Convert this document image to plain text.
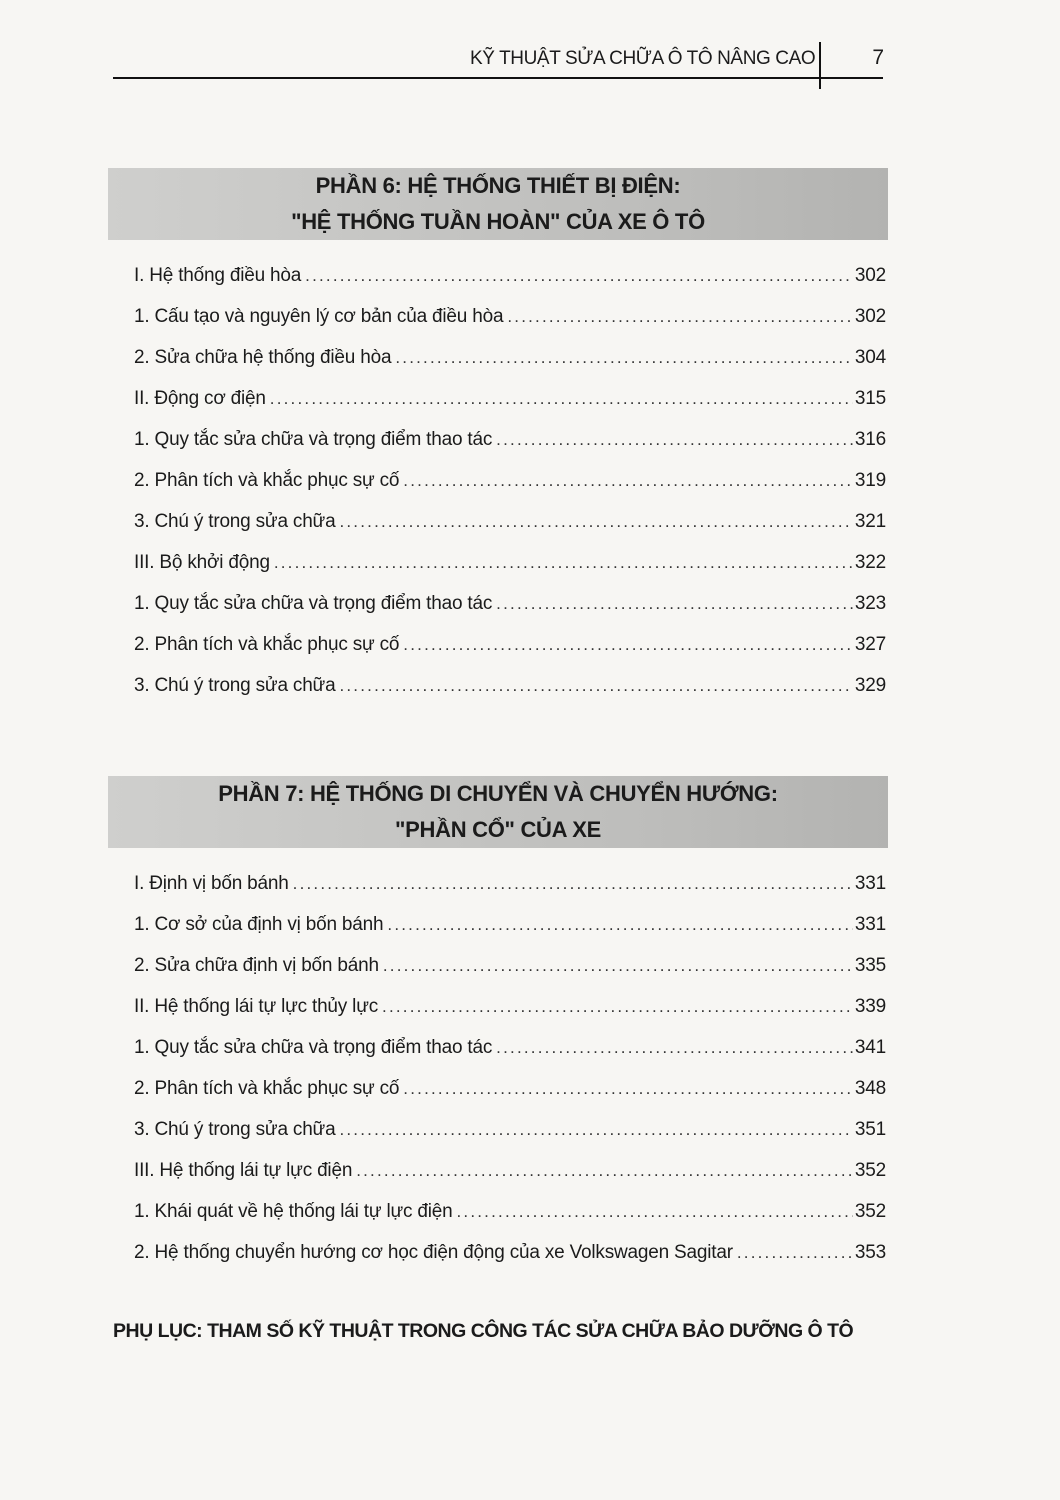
KỸ THUẬT SỬA CHỮA Ô TÔ NÂNG CAO	7
PHẦN 6: HỆ THỐNG THIẾT BỊ ĐIỆN:
"HỆ THỐNG TUẦN HOÀN" CỦA XE Ô TÔ
I. Hệ thống điều hòa .....	302
1. Cấu tạo và nguyên lý cơ bản của điều hòa .....	302
2. Sửa chữa hệ thống điều hòa .....	304
II. Động cơ điện .....	315
1. Quy tắc sửa chữa và trọng điểm thao tác .....	316
2. Phân tích và khắc phục sự cố .....	319
3. Chú ý trong sửa chữa .....	321
III. Bộ khởi động .....	322
1. Quy tắc sửa chữa và trọng điểm thao tác .....	323
2. Phân tích và khắc phục sự cố .....	327
3. Chú ý trong sửa chữa .....	329
PHẦN 7: HỆ THỐNG DI CHUYỂN VÀ CHUYỂN HƯỚNG:
"PHẦN CỔ" CỦA XE
I. Định vị bốn bánh .....	331
1. Cơ sở của định vị bốn bánh .....	331
2. Sửa chữa định vị bốn bánh .....	335
II. Hệ thống lái tự lực thủy lực .....	339
1. Quy tắc sửa chữa và trọng điểm thao tác .....	341
2. Phân tích và khắc phục sự cố .....	348
3. Chú ý trong sửa chữa .....	351
III. Hệ thống lái tự lực điện .....	352
1. Khái quát về hệ thống lái tự lực điện .....	352
2. Hệ thống chuyển hướng cơ học điện động của xe Volkswagen Sagitar .....	353
PHỤ LỤC: THAM SỐ KỸ THUẬT TRONG CÔNG TÁC SỬA CHỮA BẢO DƯỠNG Ô TÔ
